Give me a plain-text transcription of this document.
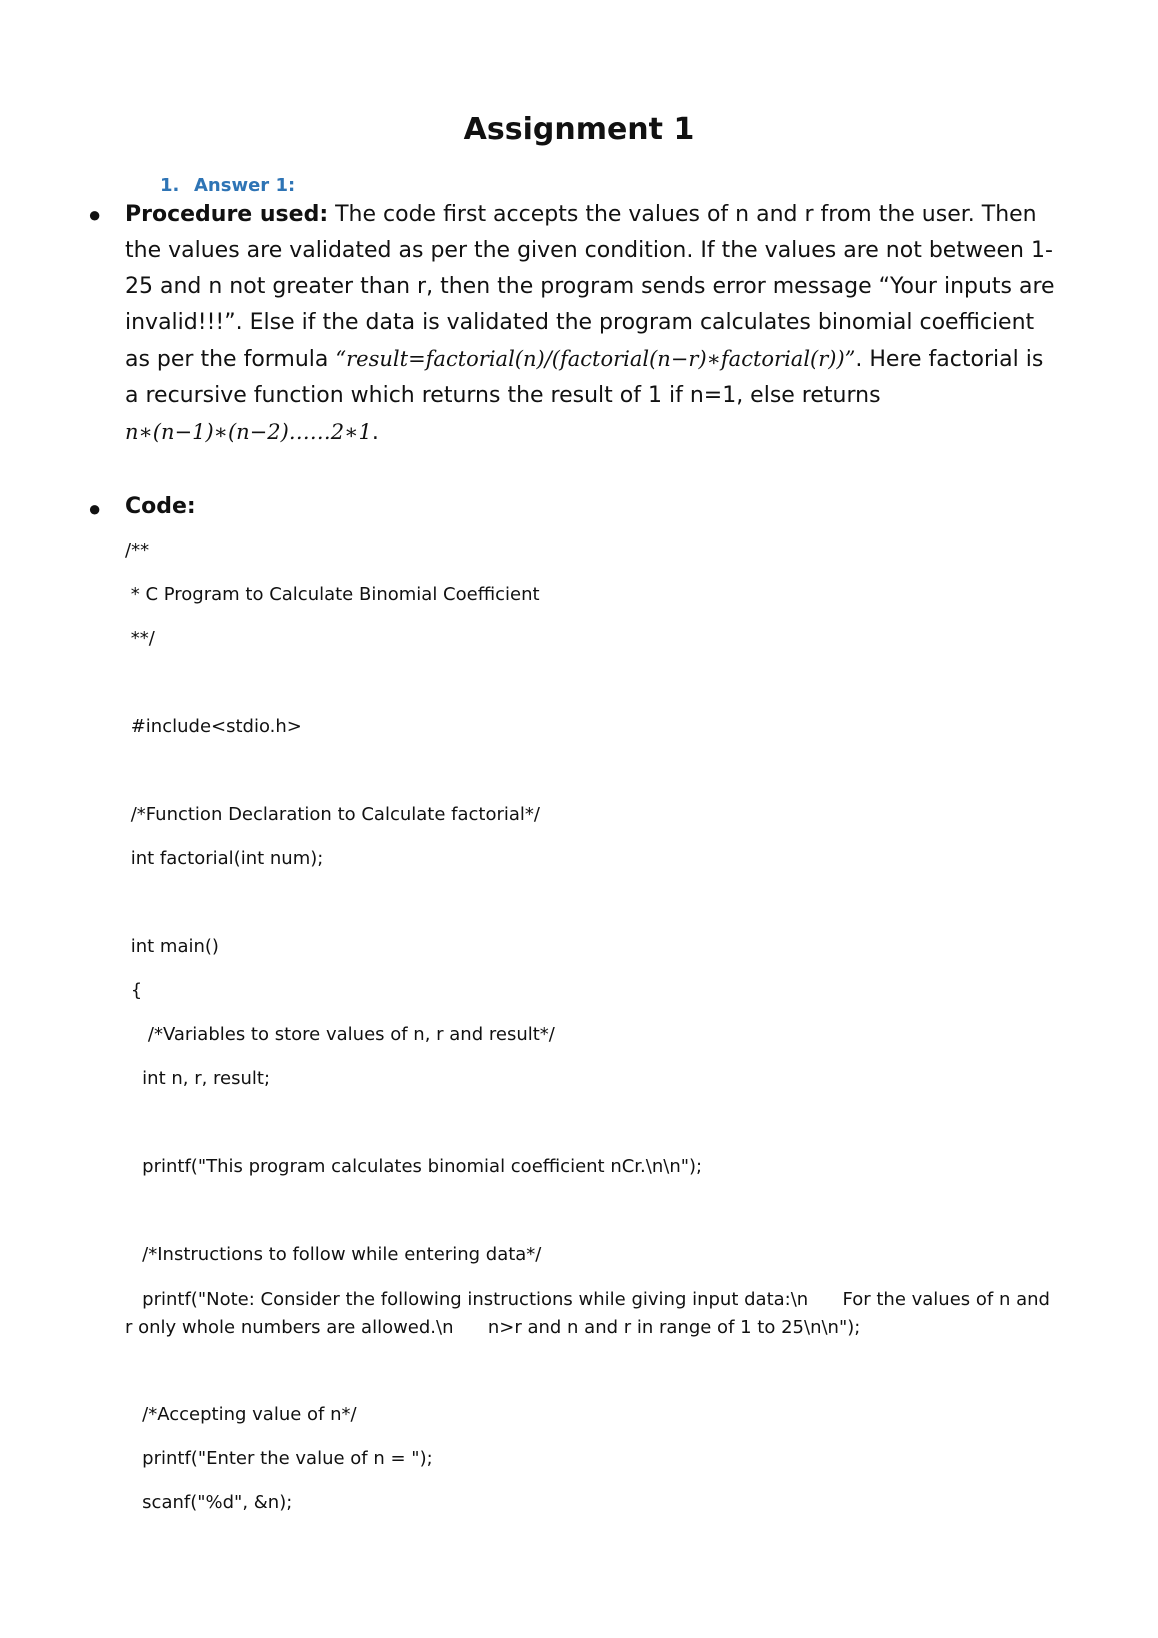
Assignment 1
1. Answer 1:
● Procedure used: The code first accepts the values of n and r from the user. Then the values are validated as per the given condition. If the values are not between 1-25 and n not greater than r, then the program sends error message “Your inputs are invalid!!!”. Else if the data is validated the program calculates binomial coefficient as per the formula “result=factorial(n)/(factorial(n−r)∗factorial(r))”. Here factorial is a recursive function which returns the result of 1 if n=1, else returns n∗(n−1)∗(n−2)……2∗1.
● Code:
/**
* C Program to Calculate Binomial Coefficient
**/
#include<stdio.h>
/*Function Declaration to Calculate factorial*/
int factorial(int num);
int main()
{
/*Variables to store values of n, r and result*/
int n, r, result;
printf("This program calculates binomial coefficient nCr.\n\n");
/*Instructions to follow while entering data*/
printf("Note: Consider the following instructions while giving input data:\n      For the values of n and r only whole numbers are allowed.\n      n>r and n and r in range of 1 to 25\n\n");
/*Accepting value of n*/
printf("Enter the value of n = ");
scanf("%d", &n);
